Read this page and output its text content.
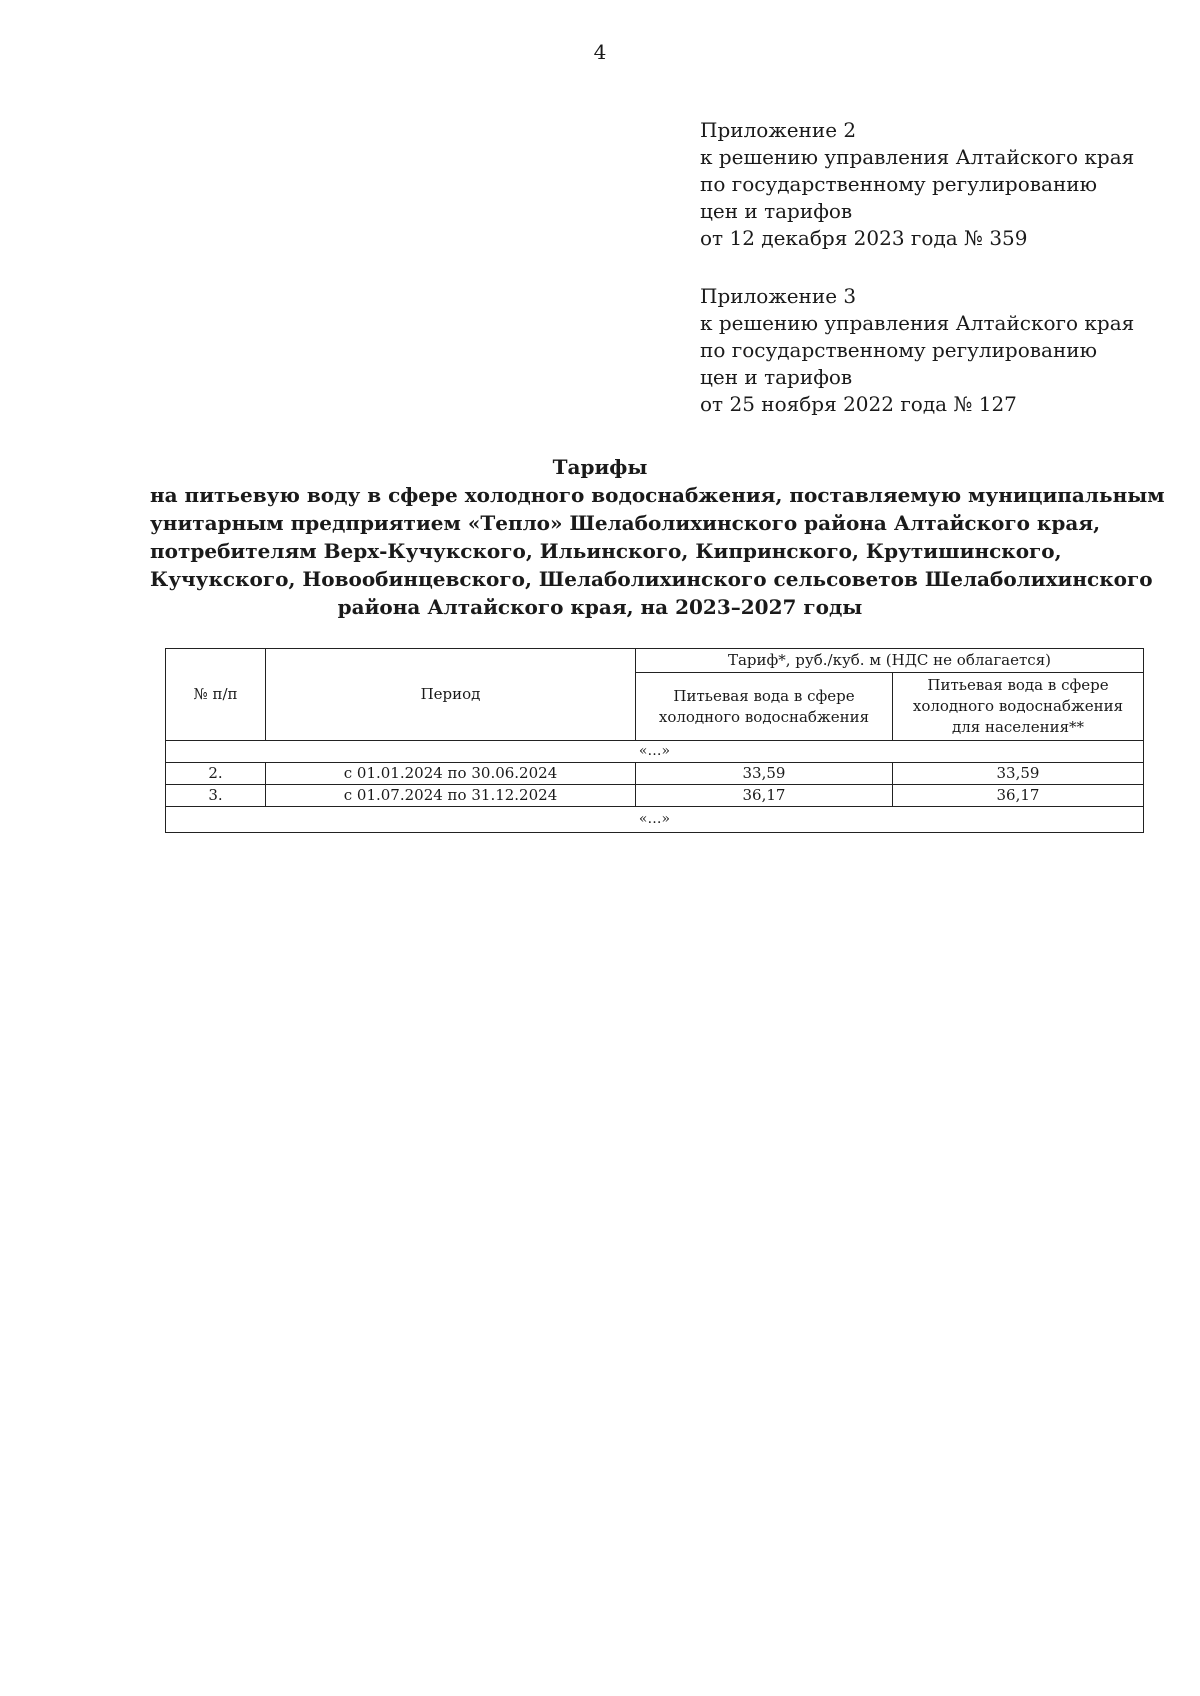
4
Приложение 2
к решению управления Алтайского края
по государственному регулированию
цен и тарифов
от 12 декабря 2023 года № 359
Приложение 3
к решению управления Алтайского края
по государственному регулированию
цен и тарифов
от 25 ноября 2022 года № 127
Тарифы
на питьевую воду в сфере холодного водоснабжения, поставляемую муниципальным
унитарным предприятием «Тепло» Шелаболихинского района Алтайского края,
потребителям Верх-Кучукского, Ильинского, Кипринского, Крутишинского,
Кучукского, Новообинцевского, Шелаболихинского сельсоветов Шелаболихинского
района Алтайского края, на 2023–2027 годы
№ п/п	Период	Тариф*, руб./куб. м (НДС не облагается)	
		Питьевая вода в сфере холодного водоснабжения	Питьевая вода в сфере холодного водоснабжения для населения**
«…»			
2.	с 01.01.2024 по 30.06.2024	33,59	33,59
3.	с 01.07.2024 по 31.12.2024	36,17	36,17
«…»			
